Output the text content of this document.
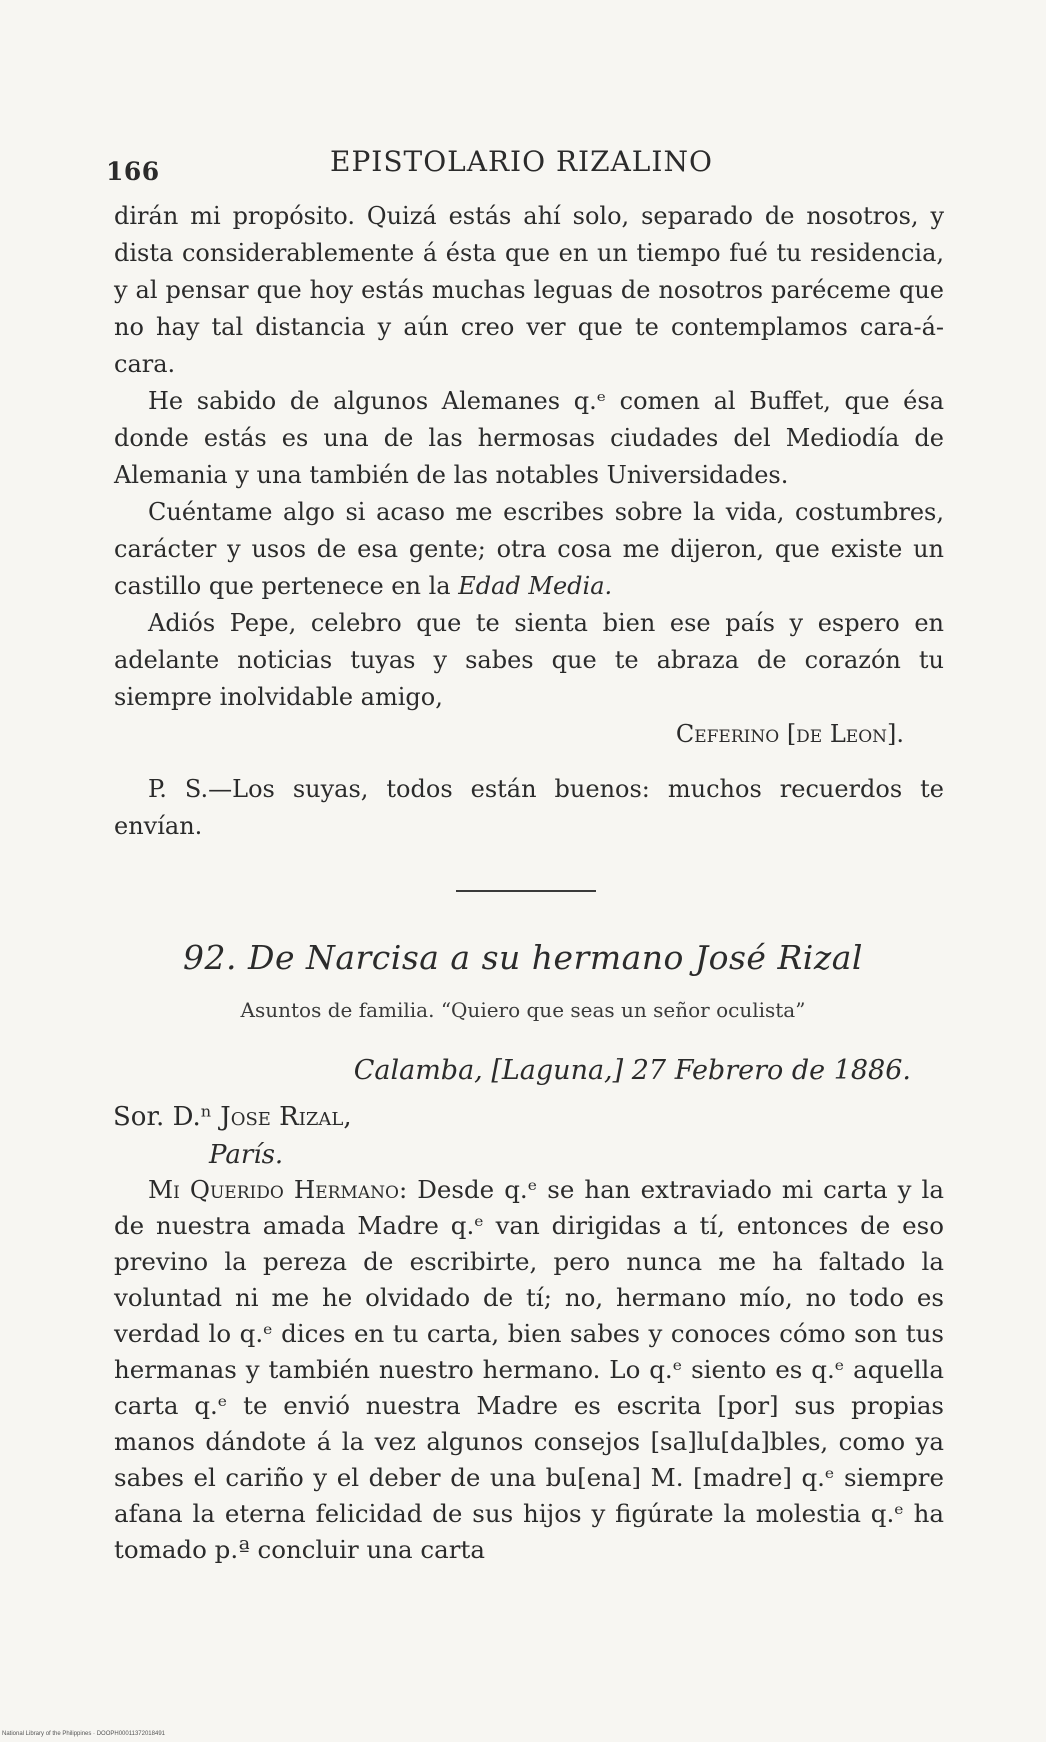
166	EPISTOLARIO RIZALINO

dirán mi propósito. Quizá estás ahí solo, separado de nosotros, y dista considerablemente á ésta que en un tiempo fué tu residencia, y al pensar que hoy estás muchas leguas de nosotros paréceme que no hay tal distancia y aún creo ver que te contemplamos cara-á-cara.

He sabido de algunos Alemanes q.ᵉ comen al Buffet, que ésa donde estás es una de las hermosas ciudades del Mediodía de Alemania y una también de las notables Universidades.

Cuéntame algo si acaso me escribes sobre la vida, costumbres, carácter y usos de esa gente; otra cosa me dijeron, que existe un castillo que pertenece en la Edad Media.

Adiós Pepe, celebro que te sienta bien ese país y espero en adelante noticias tuyas y sabes que te abraza de corazón tu siempre inolvidable amigo,

Ceferino [de Leon].

P. S.—Los suyas, todos están buenos: muchos recuerdos te envían.

92. De Narcisa a su hermano José Rizal
Asuntos de familia. “Quiero que seas un señor oculista”
Calamba, [Laguna,] 27 Febrero de 1886.
Sor. D.ⁿ Jose Rizal,
París.

Mi Querido Hermano: Desde q.ᵉ se han extraviado mi carta y la de nuestra amada Madre q.ᵉ van dirigidas a tí, entonces de eso previno la pereza de escribirte, pero nunca me ha faltado la voluntad ni me he olvidado de tí; no, hermano mío, no todo es verdad lo q.ᵉ dices en tu carta, bien sabes y conoces cómo son tus hermanas y también nuestro hermano. Lo q.ᵉ siento es q.ᵉ aquella carta q.ᵉ te envió nuestra Madre es escrita [por] sus propias manos dándote á la vez algunos consejos [sa]lu[da]bles, como ya sabes el cariño y el deber de una bu[ena] M. [madre] q.ᵉ siempre afana la eterna felicidad de sus hijos y figúrate la molestia q.ᵉ ha tomado p.ª concluir una carta

National Library of the Philippines · DOOPH00011372018491
